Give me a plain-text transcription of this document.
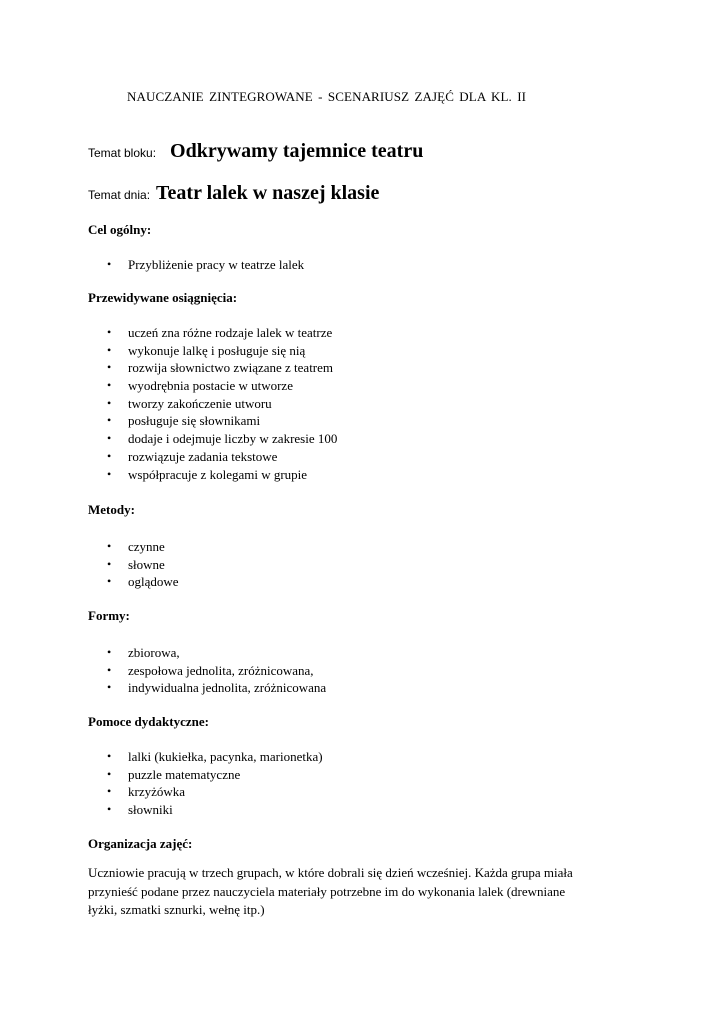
NAUCZANIE ZINTEGROWANE - SCENARIUSZ ZAJĘĆ DLA KL. II
Temat bloku: Odkrywamy tajemnice teatru
Temat dnia: Teatr lalek w naszej klasie
Cel ogólny:
• Przybliżenie pracy w teatrze lalek
Przewidywane osiągnięcia:
• uczeń zna różne rodzaje lalek w teatrze
• wykonuje lalkę i posługuje się nią
• rozwija słownictwo związane z teatrem
• wyodrębnia postacie w utworze
• tworzy zakończenie utworu
• posługuje się słownikami
• dodaje i odejmuje liczby w zakresie 100
• rozwiązuje zadania tekstowe
• współpracuje z kolegami w grupie
Metody:
• czynne
• słowne
• oglądowe
Formy:
• zbiorowa,
• zespołowa jednolita, zróżnicowana,
• indywidualna jednolita, zróżnicowana
Pomoce dydaktyczne:
• lalki (kukiełka, pacynka, marionetka)
• puzzle matematyczne
• krzyżówka
• słowniki
Organizacja zajęć:
Uczniowie pracują w trzech grupach, w które dobrali się dzień wcześniej. Każda grupa miała
przynieść podane przez nauczyciela materiały potrzebne im do wykonania lalek (drewniane
łyżki, szmatki sznurki, wełnę itp.)
